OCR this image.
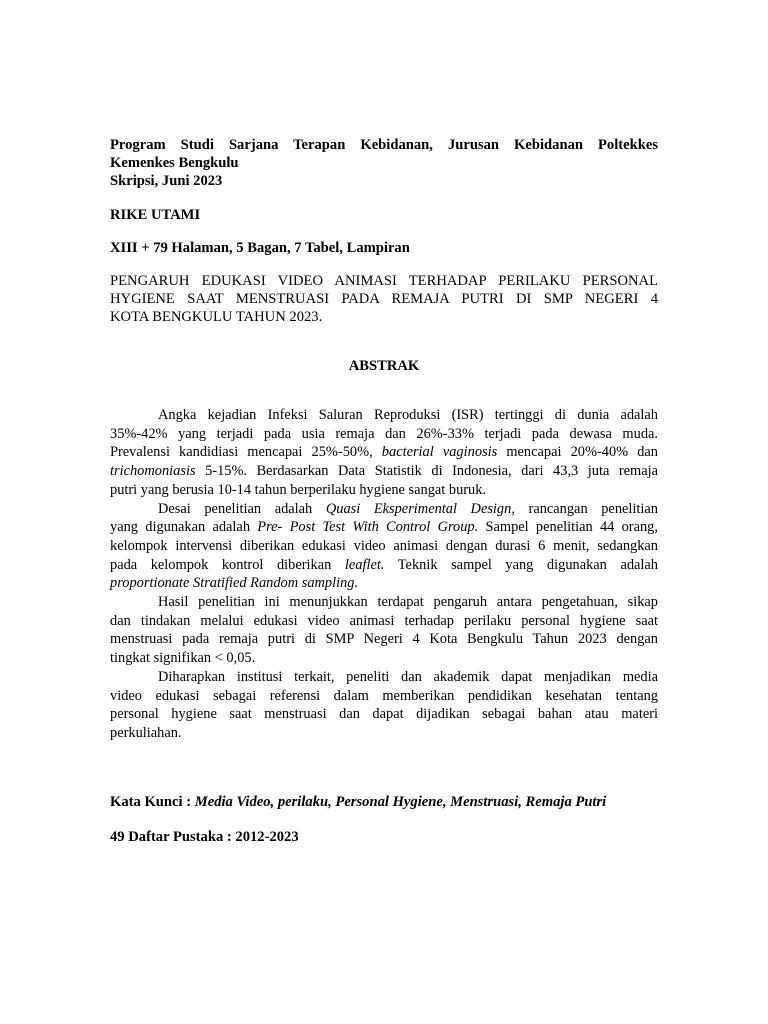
Program Studi Sarjana Terapan Kebidanan, Jurusan Kebidanan Poltekkes
Kemenkes Bengkulu
Skripsi, Juni 2023
RIKE UTAMI
XIII + 79 Halaman, 5 Bagan, 7 Tabel, Lampiran
PENGARUH EDUKASI VIDEO ANIMASI TERHADAP PERILAKU PERSONAL
HYGIENE SAAT MENSTRUASI PADA REMAJA PUTRI DI SMP NEGERI 4
KOTA BENGKULU TAHUN 2023.
ABSTRAK

Angka kejadian Infeksi Saluran Reproduksi (ISR) tertinggi di dunia adalah

35%-42% yang terjadi pada usia remaja dan 26%-33% terjadi pada dewasa muda.

Prevalensi kandidiasi mencapai 25%-50%, bacterial vaginosis mencapai 20%-40% dan

trichomoniasis 5-15%. Berdasarkan Data Statistik di Indonesia, dari 43,3 juta remaja

putri yang berusia 10-14 tahun berperilaku hygiene sangat buruk.

Desai penelitian adalah Quasi Eksperimental Design, rancangan penelitian

yang digunakan adalah Pre- Post Test With Control Group. Sampel penelitian 44 orang,

kelompok intervensi diberikan edukasi video animasi dengan durasi 6 menit, sedangkan

pada kelompok kontrol diberikan leaflet. Teknik sampel yang digunakan adalah

proportionate Stratified Random sampling.

Hasil penelitian ini menunjukkan terdapat pengaruh antara pengetahuan, sikap

dan tindakan melalui edukasi video animasi terhadap perilaku personal hygiene saat

menstruasi pada remaja putri di SMP Negeri 4 Kota Bengkulu Tahun 2023 dengan

tingkat signifikan < 0,05.

Diharapkan institusi terkait, peneliti dan akademik dapat menjadikan media

video edukasi sebagai referensi dalam memberikan pendidikan kesehatan tentang

personal hygiene saat menstruasi dan dapat dijadikan sebagai bahan atau materi

perkuliahan.

Kata Kunci : Media Video, perilaku, Personal Hygiene, Menstruasi, Remaja Putri
49 Daftar Pustaka : 2012-2023
